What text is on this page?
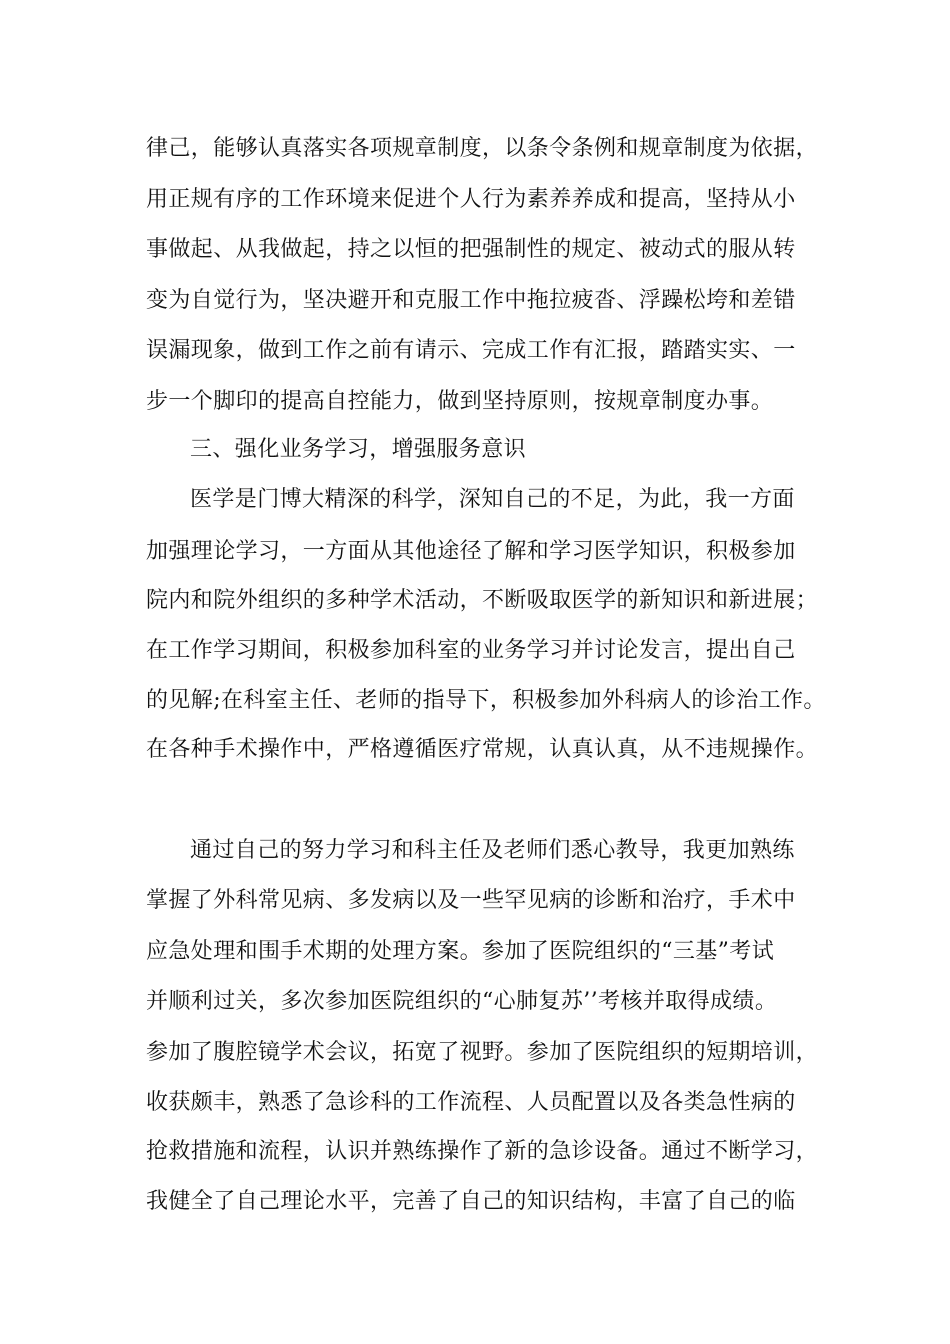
律己，能够认真落实各项规章制度，以条令条例和规章制度为依据，
用正规有序的工作环境来促进个人行为素养养成和提高，坚持从小
事做起、从我做起，持之以恒的把强制性的规定、被动式的服从转
变为自觉行为，坚决避开和克服工作中拖拉疲沓、浮躁松垮和差错
误漏现象，做到工作之前有请示、完成工作有汇报，踏踏实实、一
步一个脚印的提高自控能力，做到坚持原则，按规章制度办事。
三、强化业务学习，增强服务意识
医学是门博大精深的科学，深知自己的不足，为此，我一方面
加强理论学习，一方面从其他途径了解和学习医学知识，积极参加
院内和院外组织的多种学术活动，不断吸取医学的新知识和新进展；
在工作学习期间，积极参加科室的业务学习并讨论发言，提出自己
的见解;在科室主任、老师的指导下，积极参加外科病人的诊治工作。
在各种手术操作中，严格遵循医疗常规，认真认真，从不违规操作。
通过自己的努力学习和科主任及老师们悉心教导，我更加熟练
掌握了外科常见病、多发病以及一些罕见病的诊断和治疗，手术中
应急处理和围手术期的处理方案。参加了医院组织的“三基”考试
并顺利过关，多次参加医院组织的“心肺复苏’’考核并取得成绩。
参加了腹腔镜学术会议，拓宽了视野。参加了医院组织的短期培训，
收获颇丰，熟悉了急诊科的工作流程、人员配置以及各类急性病的
抢救措施和流程，认识并熟练操作了新的急诊设备。通过不断学习，
我健全了自己理论水平，完善了自己的知识结构，丰富了自己的临
